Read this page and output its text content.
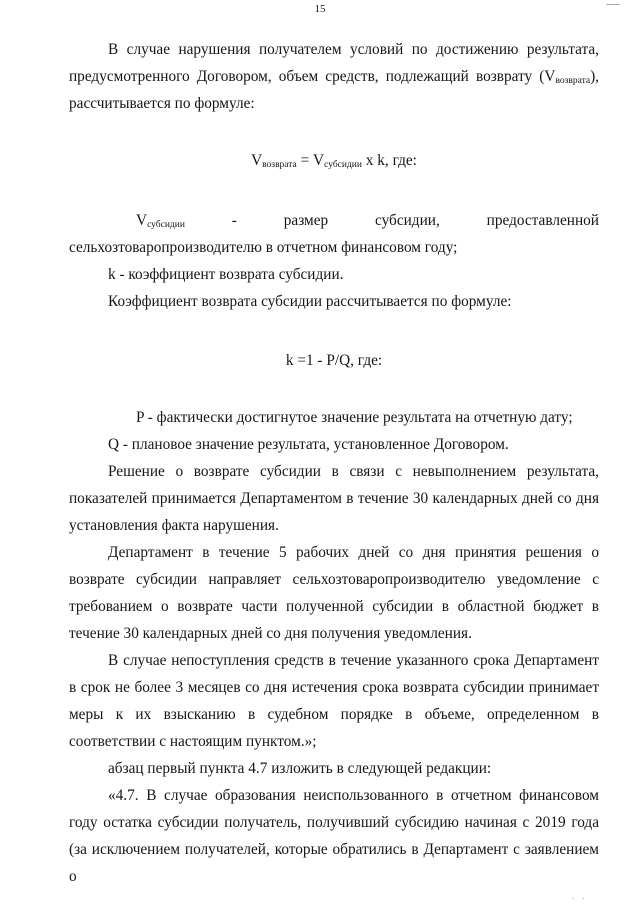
15

В случае нарушения получателем условий по достижению результата, предусмотренного Договором, объем средств, подлежащий возврату $(V_{возврата})$, рассчитывается по формуле:

$V_{возврата} = V_{субсидии}$ x k, где:

$V_{субсидии}$ - размер субсидии, предоставленной сельхозтоваропроизводителю в отчетном финансовом году;

k - коэффициент возврата субсидии.

Коэффициент возврата субсидии рассчитывается по формуле:

k =1 - P/Q, где:

P - фактически достигнутое значение результата на отчетную дату;

Q - плановое значение результата, установленное Договором.

Решение о возврате субсидии в связи с невыполнением результата, показателей принимается Департаментом в течение 30 календарных дней со дня установления факта нарушения.

Департамент в течение 5 рабочих дней со дня принятия решения о возврате субсидии направляет сельхозтоваропроизводителю уведомление с требованием о возврате части полученной субсидии в областной бюджет в течение 30 календарных дней со дня получения уведомления.

В случае непоступления средств в течение указанного срока Департамент в срок не более 3 месяцев со дня истечения срока возврата субсидии принимает меры к их взысканию в судебном порядке в объеме, определенном в соответствии с настоящим пунктом.»;

абзац первый пункта 4.7 изложить в следующей редакции:

«4.7. В случае образования неиспользованного в отчетном финансовом году остатка субсидии получатель, получивший субсидию начиная с 2019 года (за исключением получателей, которые обратились в Департамент с заявлением о

· ·
